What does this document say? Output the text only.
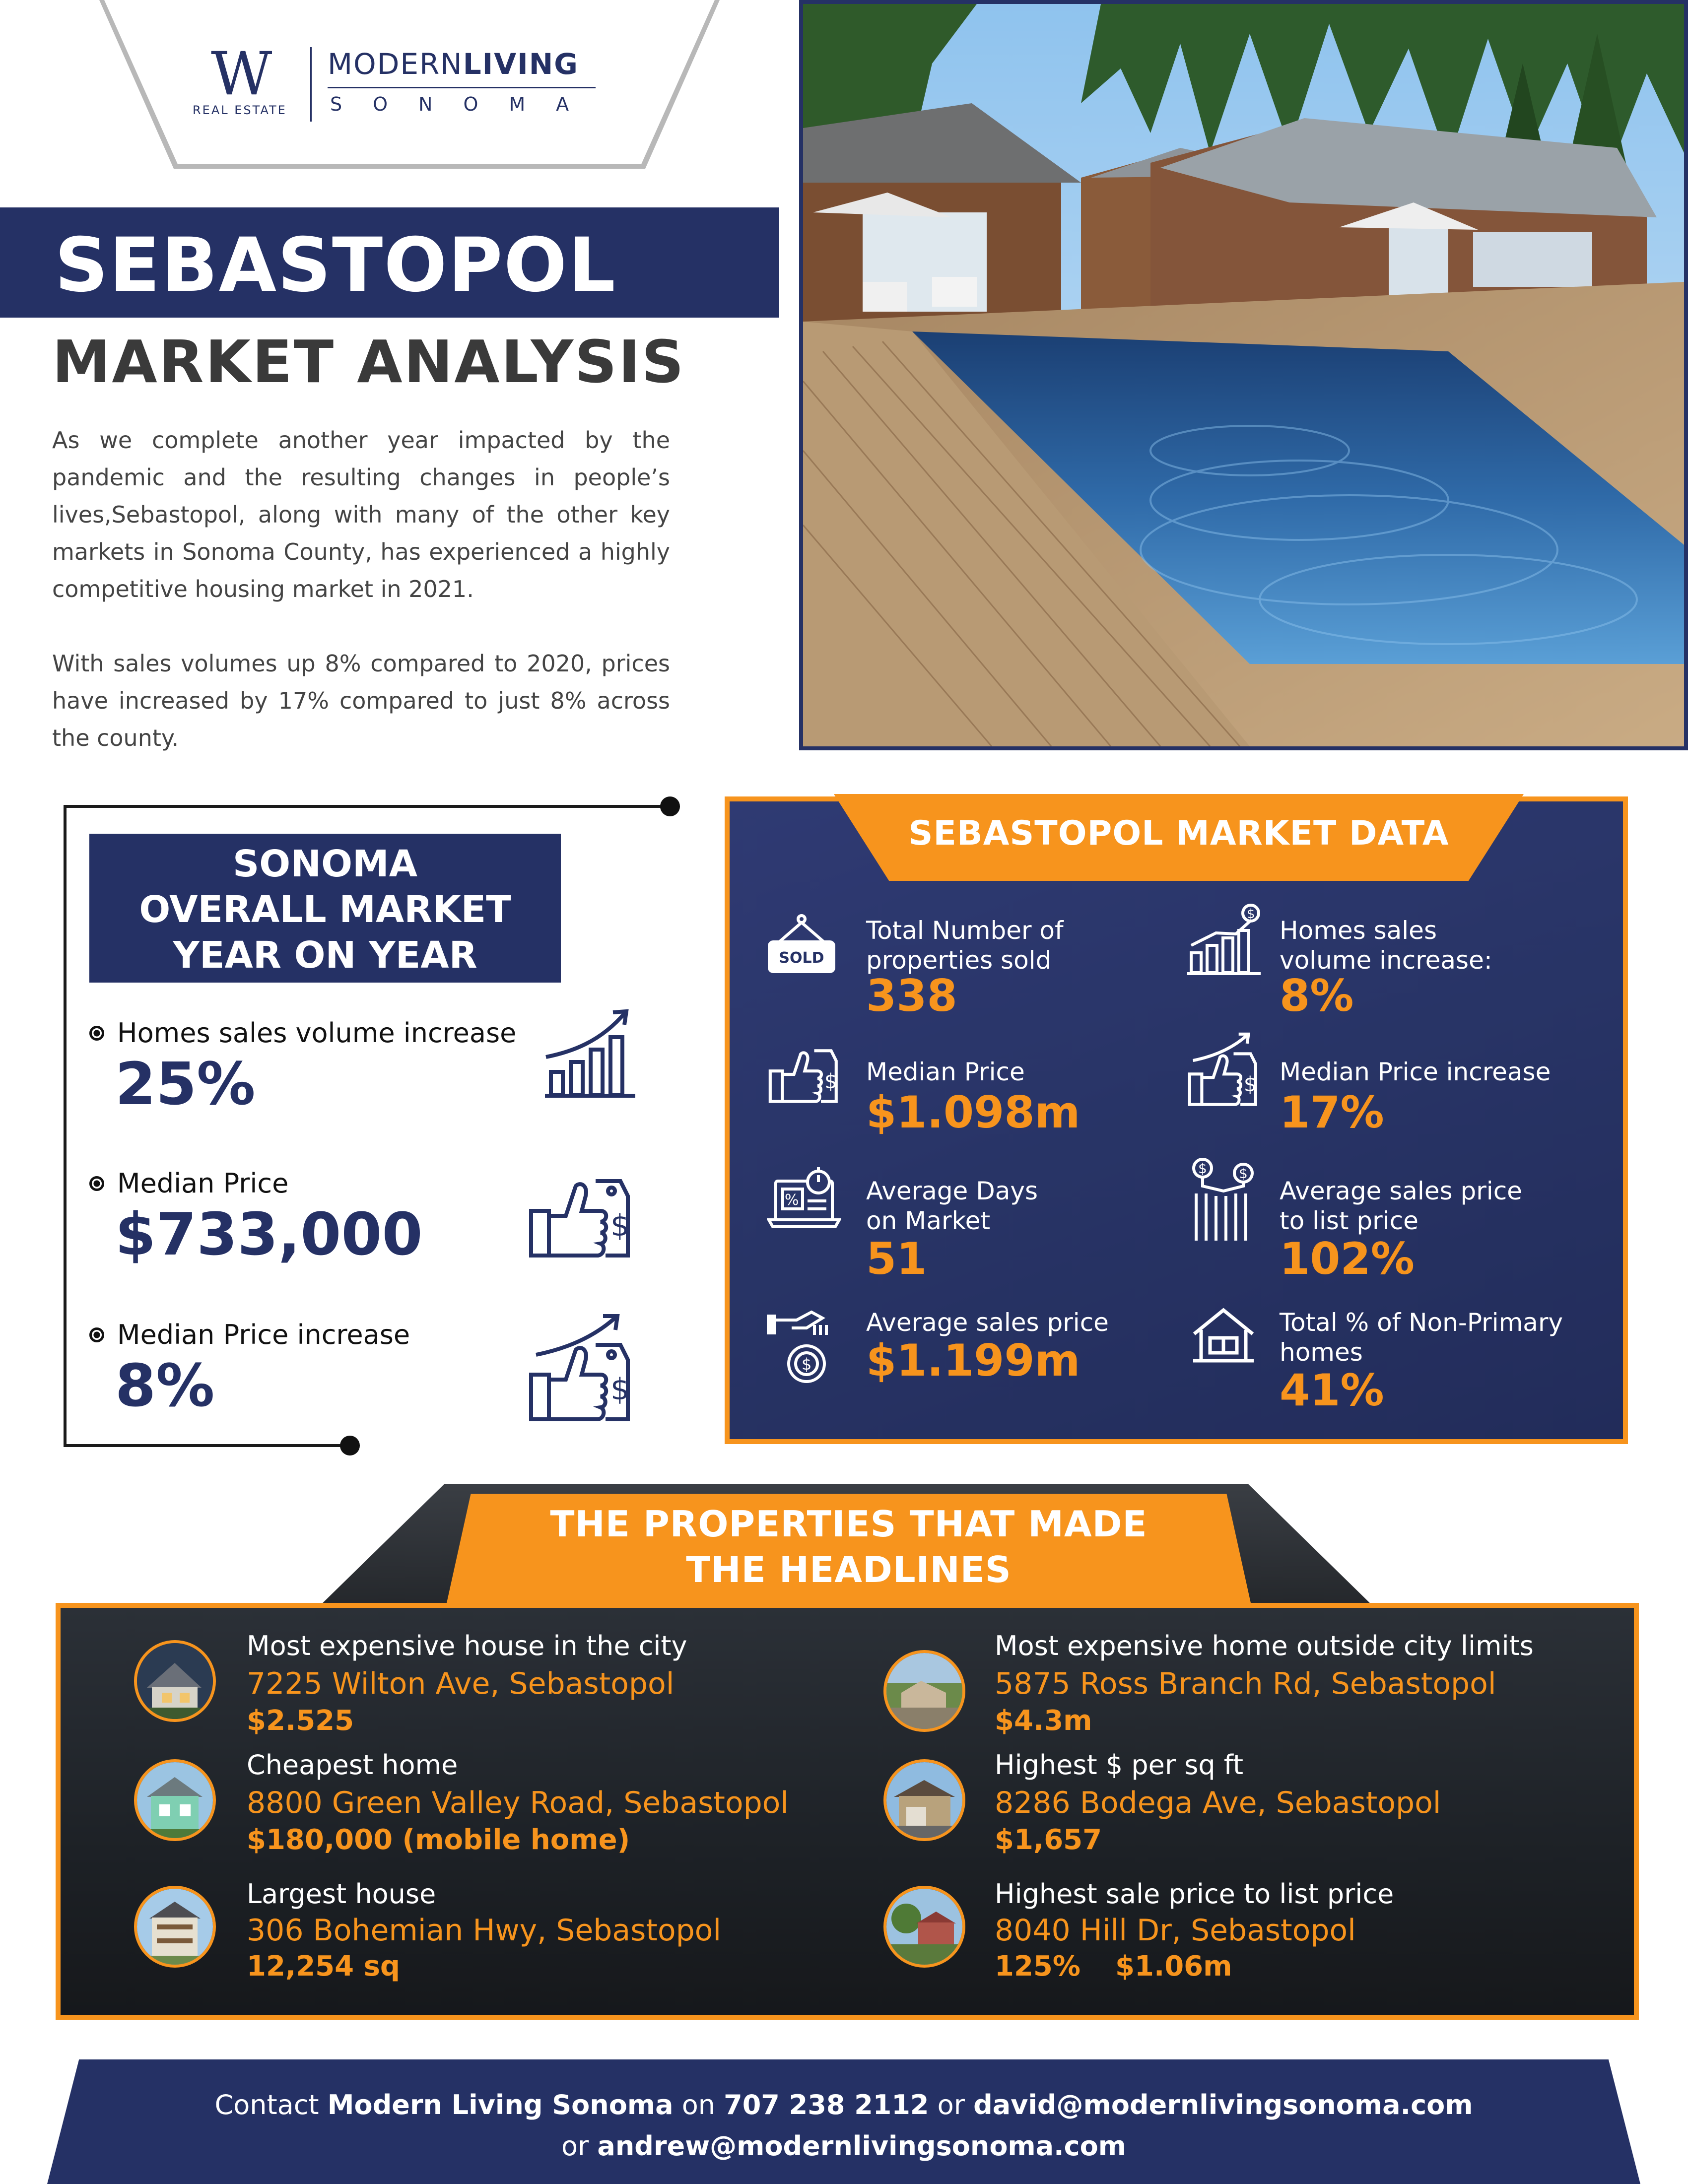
W
REAL ESTATE
MODERNLIVING
SONOMA
SEBASTOPOL
MARKET ANALYSIS

As we complete another year impacted by the pandemic and the resulting changes in people’s lives,Sebastopol, along with many of the other key markets in Sonoma County, has experienced a highly competitive housing market in 2021.

With sales volumes up 8% compared to 2020, prices have increased by 17% compared to just 8% across the county.

SONOMA
OVERALL MARKET
YEAR ON YEAR
Homes sales volume increase
25%
Median Price
$733,000	$
Median Price increase
8%	$
SEBASTOPOL MARKET DATA
SOLD
Total Number of
properties sold
338
$
Homes sales
volume increase:
8%
$ Median Price
$1.098m
$ Median Price increase
17%
%	Average Days
on Market
51
$ $
Average sales price
to list price
102%
$
Average sales price
$1.199m
Total % of Non-Primary
homes
41%
THE PROPERTIES THAT MADE
THE HEADLINES
Most expensive house in the city
7225 Wilton Ave, Sebastopol
$2.525
Cheapest home
8800 Green Valley Road, Sebastopol
$180,000 (mobile home)
Largest house
306 Bohemian Hwy, Sebastopol
12,254 sq
Most expensive home outside city limits
5875 Ross Branch Rd, Sebastopol
$4.3m
Highest $ per sq ft
8286 Bodega Ave, Sebastopol
$1,657
Highest sale price to list price
8040 Hill Dr, Sebastopol
125% $1.06m
Contact Modern Living Sonoma on 707 238 2112 or david@modernlivingsonoma.com
or andrew@modernlivingsonoma.com
